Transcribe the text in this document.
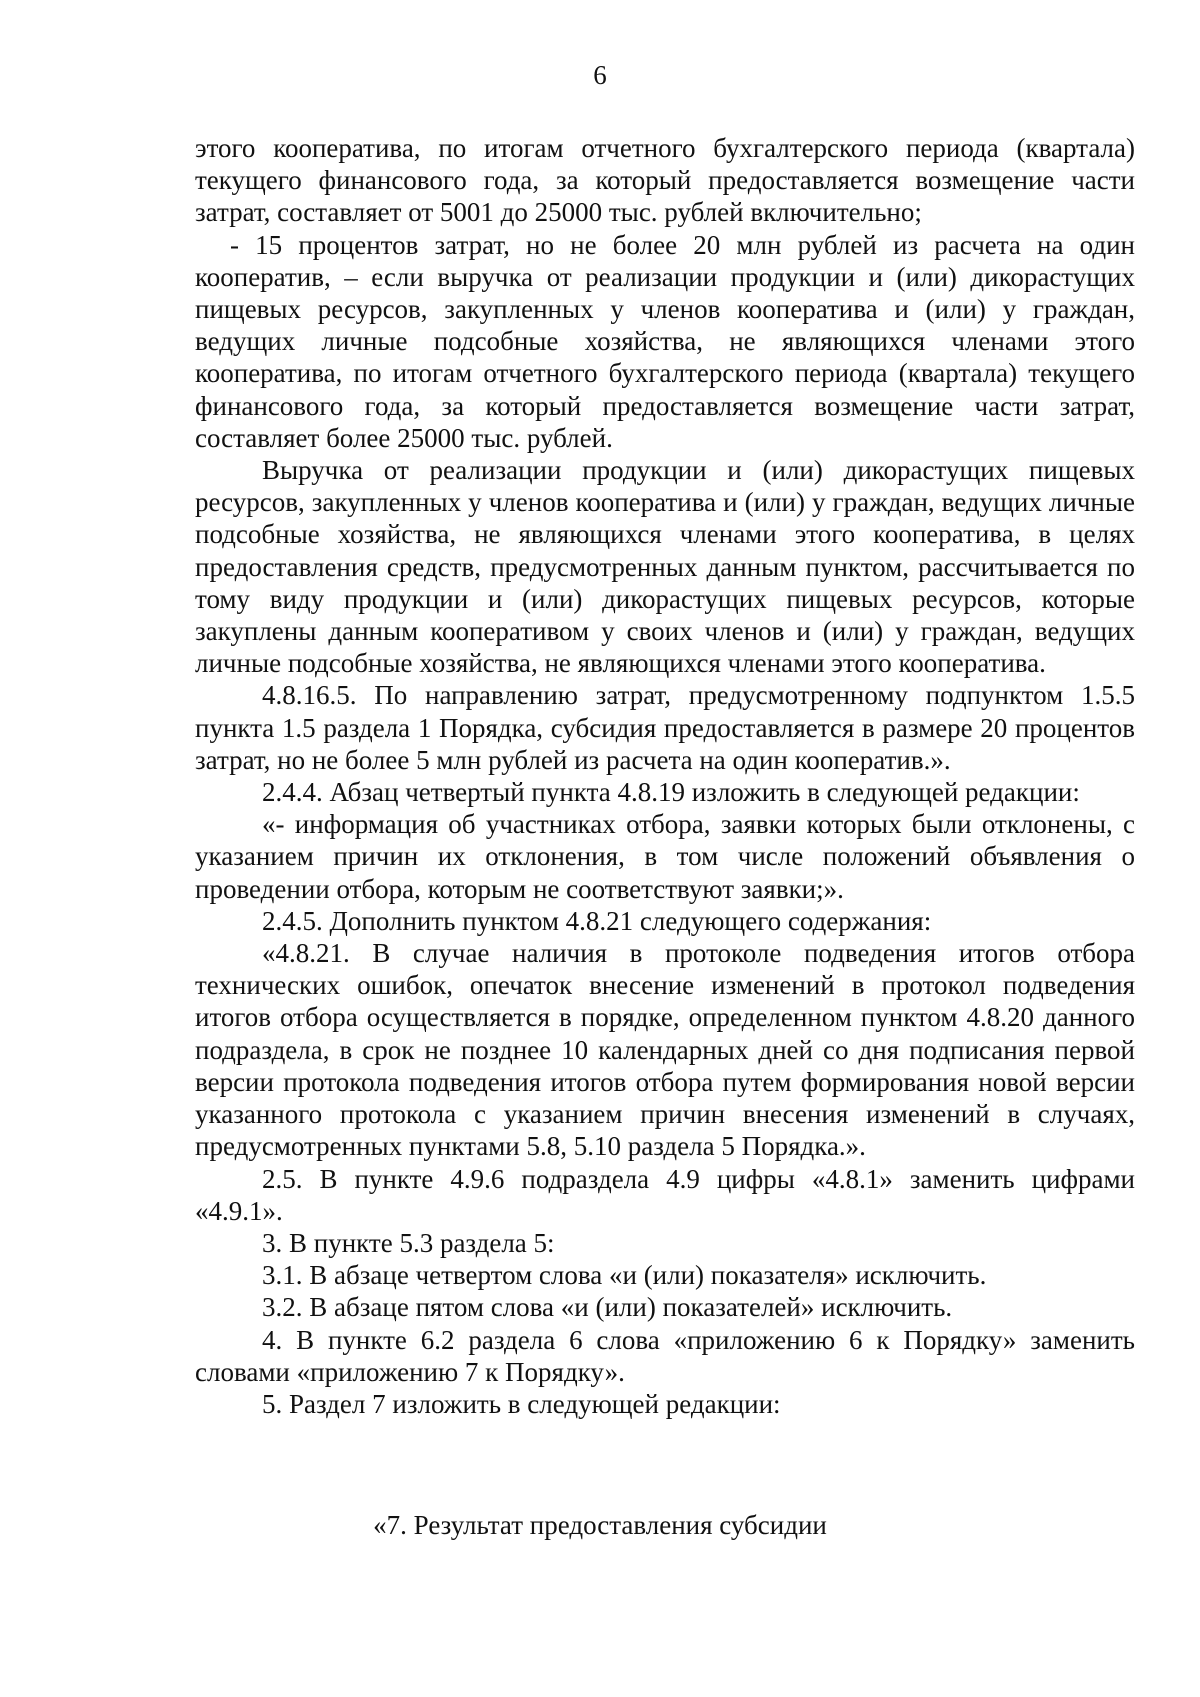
6

этого кооператива, по итогам отчетного бухгалтерского периода (квартала) текущего финансового года, за который предоставляется возмещение части затрат, составляет от 5001 до 25000 тыс. рублей включительно;

- 15 процентов затрат, но не более 20 млн рублей из расчета на один кооператив, – если выручка от реализации продукции и (или) дикорастущих пищевых ресурсов, закупленных у членов кооператива и (или) у граждан, ведущих личные подсобные хозяйства, не являющихся членами этого кооператива, по итогам отчетного бухгалтерского периода (квартала) текущего финансового года, за который предоставляется возмещение части затрат, составляет более 25000 тыс. рублей.

Выручка от реализации продукции и (или) дикорастущих пищевых ресурсов, закупленных у членов кооператива и (или) у граждан, ведущих личные подсобные хозяйства, не являющихся членами этого кооператива, в целях предоставления средств, предусмотренных данным пунктом, рассчитывается по тому виду продукции и (или) дикорастущих пищевых ресурсов, которые закуплены данным кооперативом у своих членов и (или) у граждан, ведущих личные подсобные хозяйства, не являющихся членами этого кооператива.

4.8.16.5. По направлению затрат, предусмотренному подпунктом 1.5.5 пункта 1.5 раздела 1 Порядка, субсидия предоставляется в размере 20 процентов затрат, но не более 5 млн рублей из расчета на один кооператив.».

2.4.4. Абзац четвертый пункта 4.8.19 изложить в следующей редакции:

«- информация об участниках отбора, заявки которых были отклонены, с указанием причин их отклонения, в том числе положений объявления о проведении отбора, которым не соответствуют заявки;».

2.4.5. Дополнить пунктом 4.8.21 следующего содержания:

«4.8.21. В случае наличия в протоколе подведения итогов отбора технических ошибок, опечаток внесение изменений в протокол подведения итогов отбора осуществляется в порядке, определенном пунктом 4.8.20 данного подраздела, в срок не позднее 10 календарных дней со дня подписания первой версии протокола подведения итогов отбора путем формирования новой версии указанного протокола с указанием причин внесения изменений в случаях, предусмотренных пунктами 5.8, 5.10 раздела 5 Порядка.».

2.5. В пункте 4.9.6 подраздела 4.9 цифры «4.8.1» заменить цифрами «4.9.1».

3. В пункте 5.3 раздела 5:

3.1. В абзаце четвертом слова «и (или) показателя» исключить.

3.2. В абзаце пятом слова «и (или) показателей» исключить.

4. В пункте 6.2 раздела 6 слова «приложению 6 к Порядку» заменить словами «приложению 7 к Порядку».

5. Раздел 7 изложить в следующей редакции:

«7. Результат предоставления субсидии
